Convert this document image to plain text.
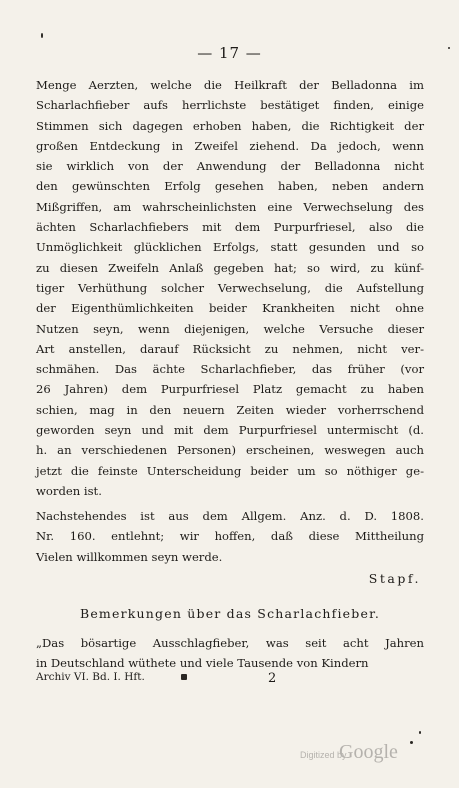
— 17 —
Menge Aerzten, welche die Heilkraft der Belladonna im
Scharlachfieber aufs herrlichste bestätiget finden, einige
Stimmen sich dagegen erhoben haben, die Richtigkeit der
großen Entdeckung in Zweifel ziehend. Da jedoch, wenn
sie wirklich von der Anwendung der Belladonna nicht
den gewünschten Erfolg gesehen haben, neben andern
Mißgriffen, am wahrscheinlichsten eine Verwechselung des
ächten Scharlachfiebers mit dem Purpurfriesel, also die
Unmöglichkeit glücklichen Erfolgs, statt gesunden und so
zu diesen Zweifeln Anlaß gegeben hat; so wird, zu künf-
tiger Verhüthung solcher Verwechselung, die Aufstellung
der Eigenthümlichkeiten beider Krankheiten nicht ohne
Nutzen seyn, wenn diejenigen, welche Versuche dieser
Art anstellen, darauf Rücksicht zu nehmen, nicht ver-
schmähen. Das ächte Scharlachfieber, das früher (vor
26 Jahren) dem Purpurfriesel Platz gemacht zu haben
schien, mag in den neuern Zeiten wieder vorherrschend
geworden seyn und mit dem Purpurfriesel untermischt (d.
h. an verschiedenen Personen) erscheinen, weswegen auch
jetzt die feinste Unterscheidung beider um so nöthiger ge-
worden ist.
Nachstehendes ist aus dem Allgem. Anz. d. D. 1808.
Nr. 160. entlehnt; wir hoffen, daß diese Mittheilung
Vielen willkommen seyn werde.
Stapf.
Bemerkungen über das Scharlachfieber.
„Das bösartige Ausschlagfieber, was seit acht Jahren
in Deutschland wüthete und viele Tausende von Kindern
Archiv VI. Bd. I. Hft.	2
Digitized by
Google
